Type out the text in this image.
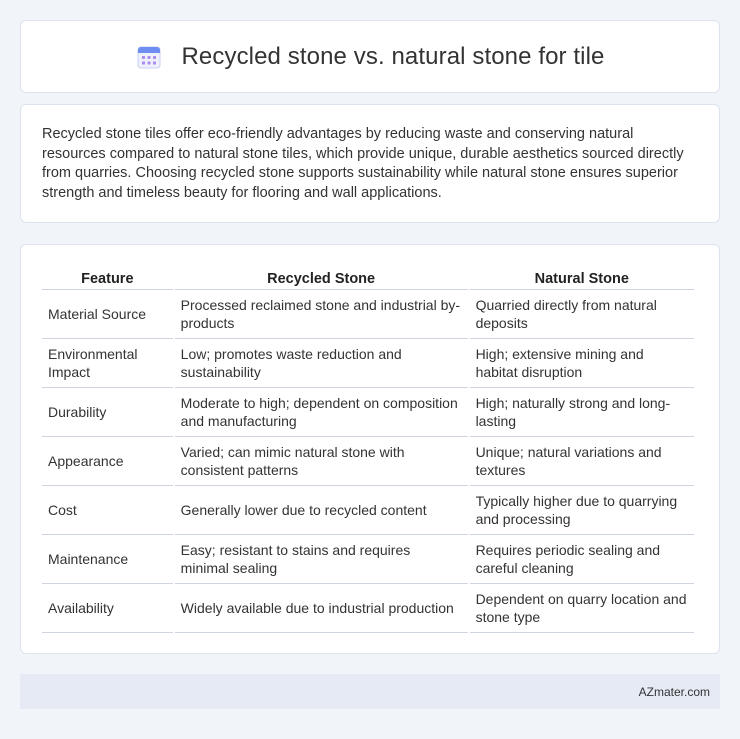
Recycled stone vs. natural stone for tile

Recycled stone tiles offer eco-friendly advantages by reducing waste and conserving natural resources compared to natural stone tiles, which provide unique, durable aesthetics sourced directly from quarries. Choosing recycled stone supports sustainability while natural stone ensures superior strength and timeless beauty for flooring and wall applications.

Feature	Recycled Stone	Natural Stone
Material Source	Processed reclaimed stone and industrial by-products	Quarried directly from natural deposits
Environmental Impact	Low; promotes waste reduction and sustainability	High; extensive mining and habitat disruption
Durability	Moderate to high; dependent on composition and manufacturing	High; naturally strong and long-lasting
Appearance	Varied; can mimic natural stone with consistent patterns	Unique; natural variations and textures
Cost	Generally lower due to recycled content	Typically higher due to quarrying and processing
Maintenance	Easy; resistant to stains and requires minimal sealing	Requires periodic sealing and careful cleaning
Availability	Widely available due to industrial production	Dependent on quarry location and stone type
AZmater.com
